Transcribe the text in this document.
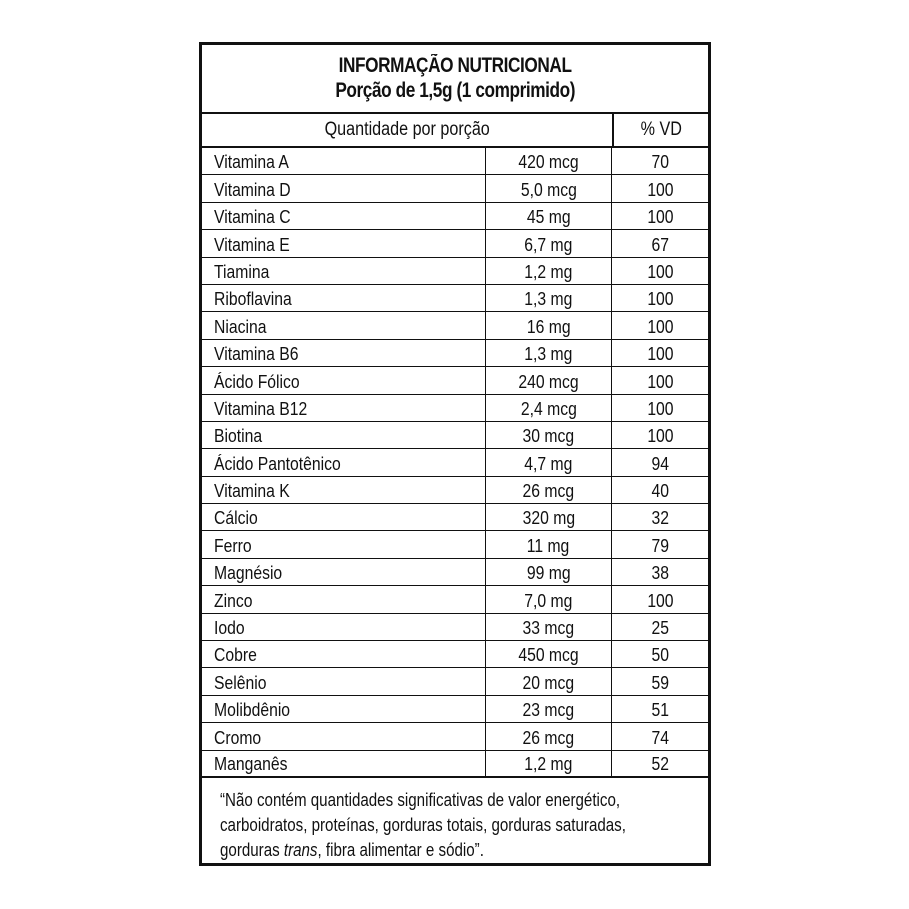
INFORMAÇÃO NUTRICIONAL
Porção de 1,5g (1 comprimido)
Quantidade por porção	% VD
Vitamina A	420 mcg	70
Vitamina D	5,0 mcg	100
Vitamina C	45 mg	100
Vitamina E	6,7 mg	67
Tiamina	1,2 mg	100
Riboflavina	1,3 mg	100
Niacina	16 mg	100
Vitamina B6	1,3 mg	100
Ácido Fólico	240 mcg	100
Vitamina B12	2,4 mcg	100
Biotina	30 mcg	100
Ácido Pantotênico	4,7 mg	94
Vitamina K	26 mcg	40
Cálcio	320 mg	32
Ferro	11 mg	79
Magnésio	99 mg	38
Zinco	7,0 mg	100
Iodo	33 mcg	25
Cobre	450 mcg	50
Selênio	20 mcg	59
Molibdênio	23 mcg	51
Cromo	26 mcg	74
Manganês	1,2 mg	52
“Não contém quantidades significativas de valor energético,
carboidratos, proteínas, gorduras totais, gorduras saturadas,
gorduras trans, fibra alimentar e sódio”.
